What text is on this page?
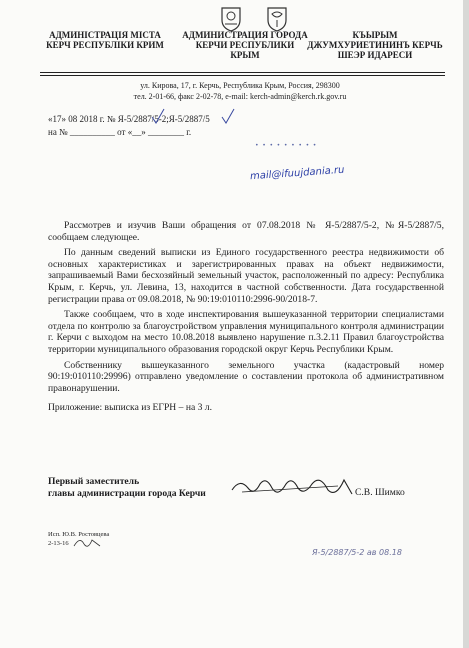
АДМИНІСТРАЦІЯ МІСТА КЕРЧ РЕСПУБЛІКИ КРИМ
АДМИНИСТРАЦИЯ ГОРОДА КЕРЧИ РЕСПУБЛИКИ КРЫМ
КЪЫРЫМ ДЖУМХУРИЕТИНИНЪ КЕРЧЬ ШЕЭР ИДАРЕСИ
ул. Кирова, 17, г. Керчь, Республика Крым, Россия, 298300
тел. 2-01-66, факс 2-02-78, e-mail: kerch-admin@kerch.rk.gov.ru
«17» 08 2018 г. № Я-5/2887/5-2;Я-5/2887/5
на № __________ от «__» ________ г.
• • • • • • • • •
mail@ifuujdania.ru

Рассмотрев и изучив Ваши обращения от 07.08.2018 № Я-5/2887/5-2, №Я-5/2887/5, сообщаем следующее.

По данным сведений выписки из Единого государственного реестра недвижимости об основных характеристиках и зарегистрированных правах на объект недвижимости, запрашиваемый Вами бесхозяйный земельный участок, расположенный по адресу: Республика Крым, г. Керчь, ул. Левина, 13, находится в частной собственности. Дата государственной регистрации права от 09.08.2018, № 90:19:010110:2996-90/2018-7.

Также сообщаем, что в ходе инспектирования вышеуказанной территории специалистами отдела по контролю за благоустройством управления муниципального контроля администрации г. Керчи с выходом на место 10.08.2018 выявлено нарушение п.3.2.11 Правил благоустройства территории муниципального образования городской округ Керчь Республики Крым.

Собственнику вышеуказанного земельного участка (кадастровый номер 90:19:010110:29996) отправлено уведомление о составлении протокола об административном правонарушении.

Приложение: выписка из ЕГРН – на 3 л.

Первый заместитель
главы администрации города Керчи	С.В. Шимко
Исп. Ю.В. Ростовцева
2-13-16
Я-5/2887/5-2 ав 08.18
